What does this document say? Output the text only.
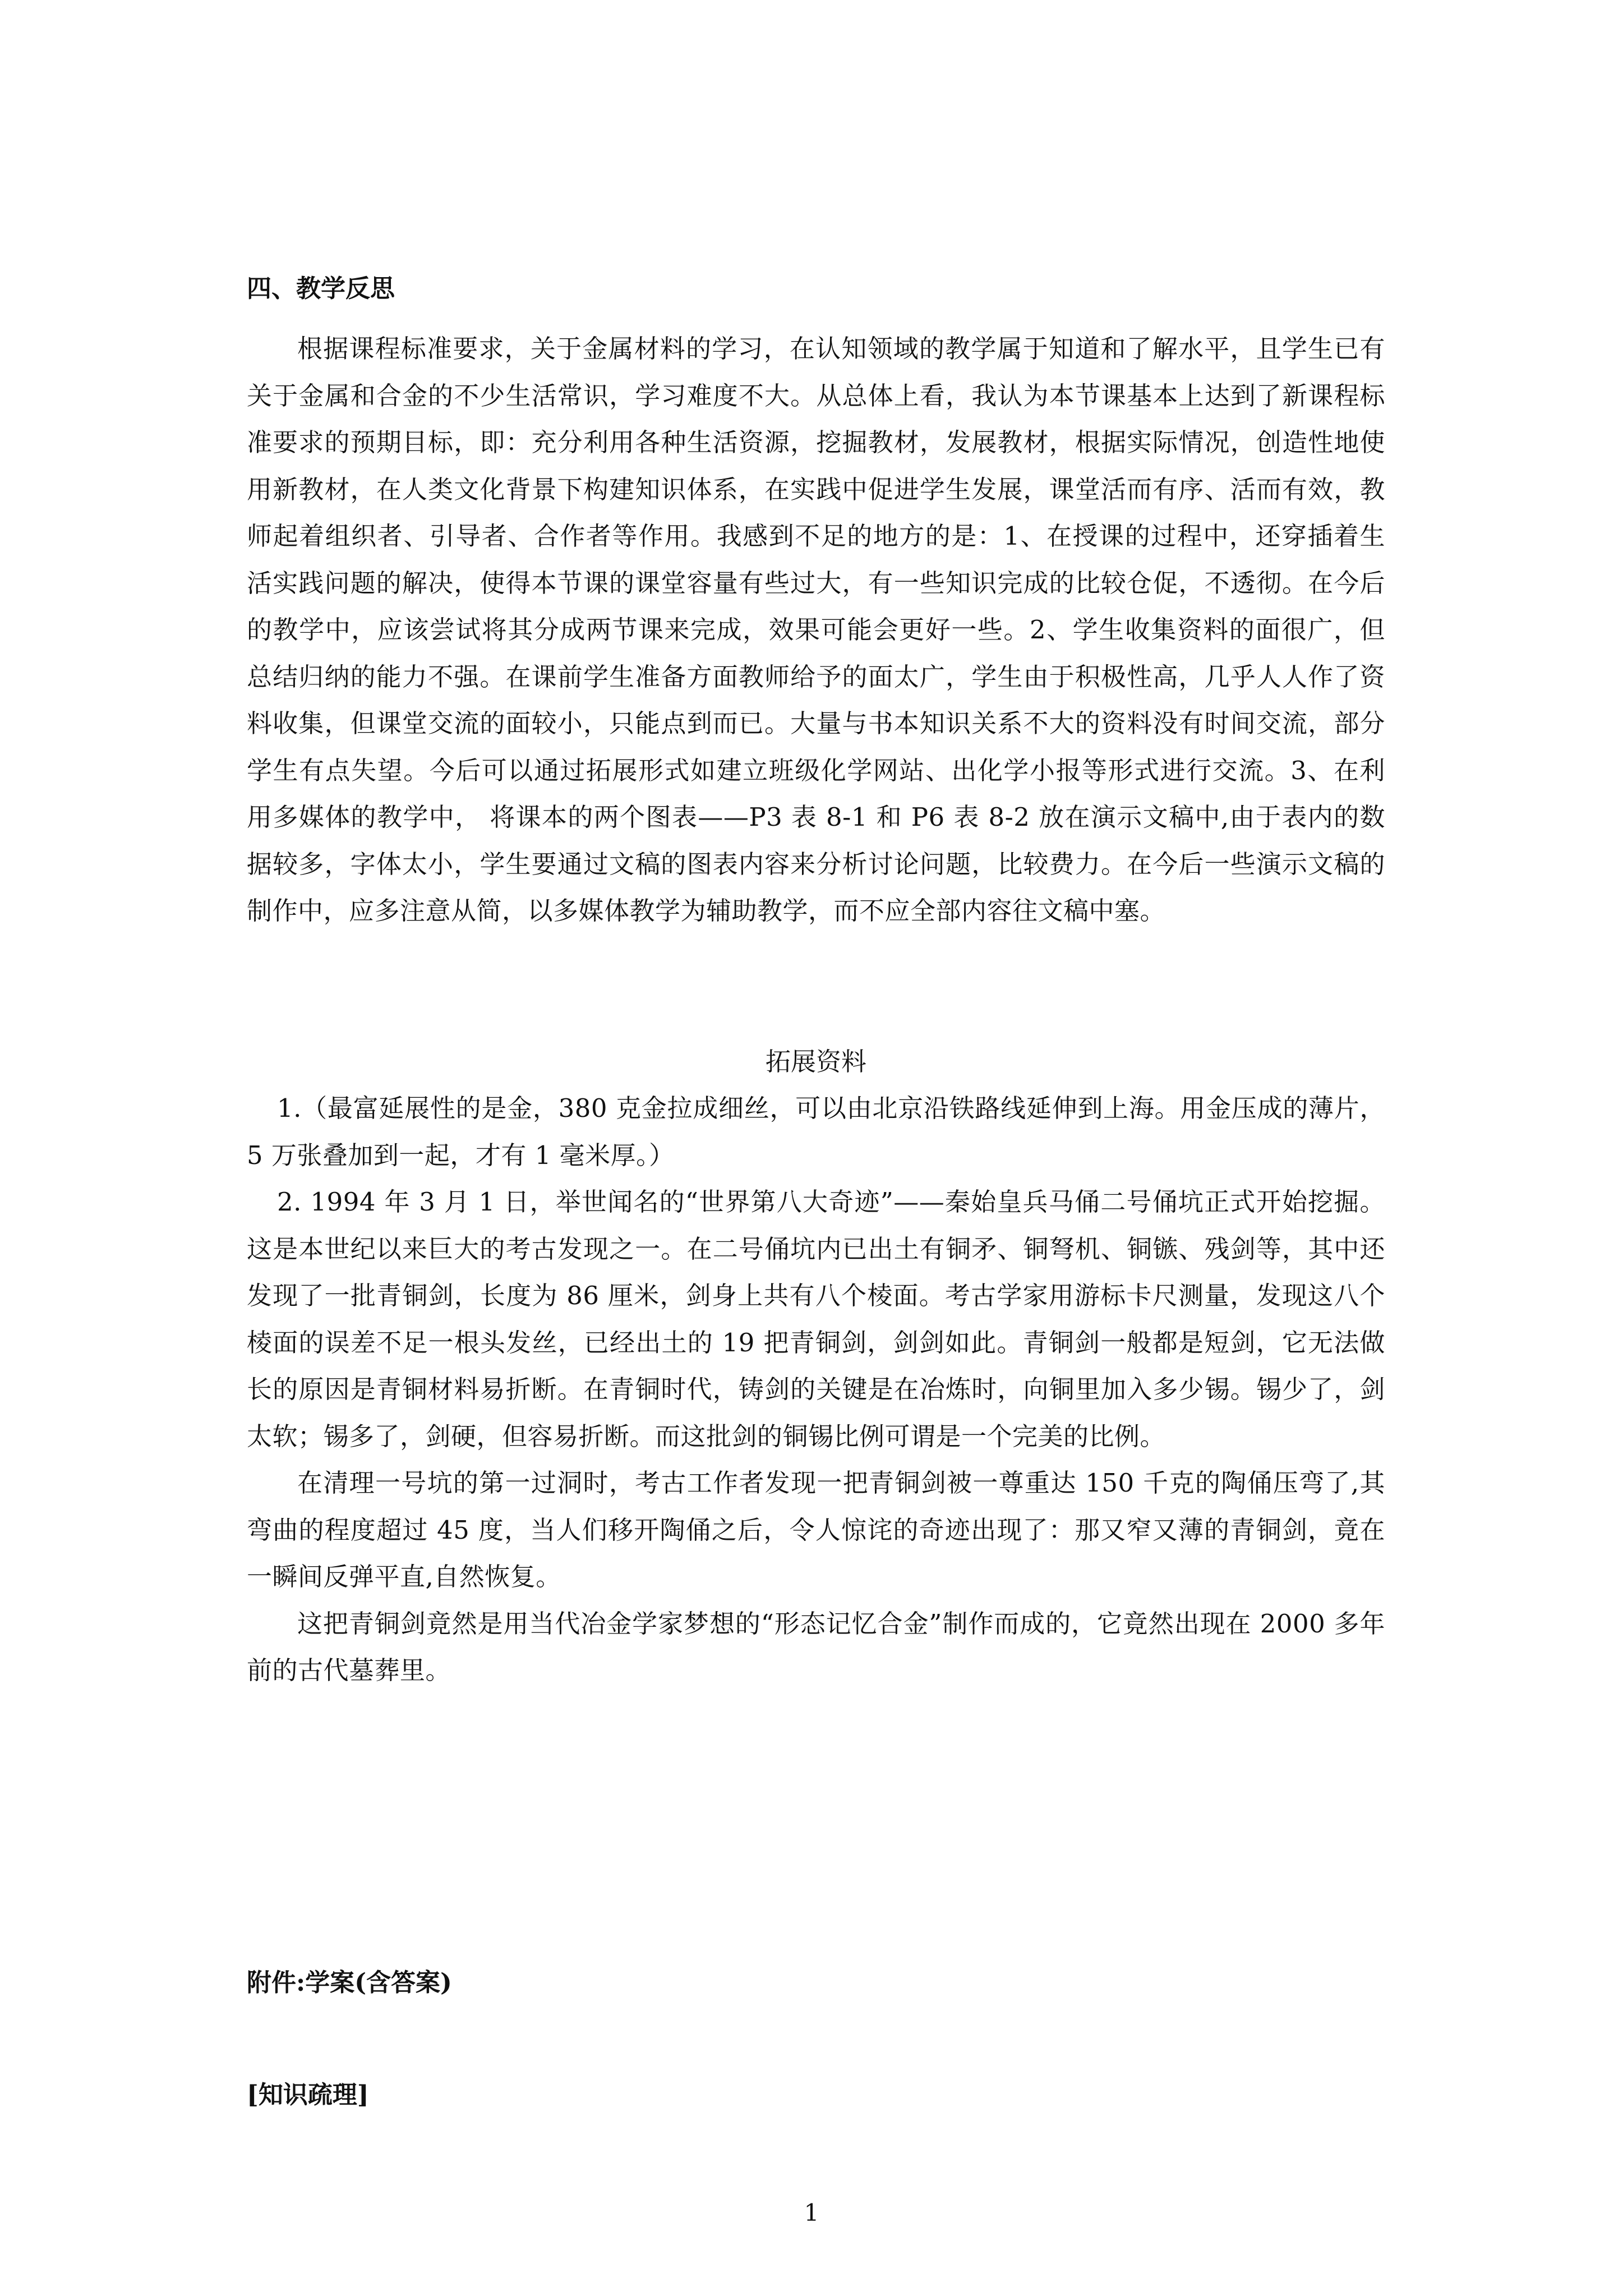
四、教学反思

根据课程标准要求，关于金属材料的学习，在认知领域的教学属于知道和了解水平，且学生已有关于金属和合金的不少生活常识，学习难度不大。从总体上看，我认为本节课基本上达到了新课程标准要求的预期目标，即：充分利用各种生活资源，挖掘教材，发展教材，根据实际情况，创造性地使用新教材，在人类文化背景下构建知识体系，在实践中促进学生发展，课堂活而有序、活而有效，教师起着组织者、引导者、合作者等作用。我感到不足的地方的是：1、在授课的过程中，还穿插着生活实践问题的解决，使得本节课的课堂容量有些过大，有一些知识完成的比较仓促，不透彻。在今后的教学中，应该尝试将其分成两节课来完成，效果可能会更好一些。2、学生收集资料的面很广，但总结归纳的能力不强。在课前学生准备方面教师给予的面太广，学生由于积极性高，几乎人人作了资料收集，但课堂交流的面较小，只能点到而已。大量与书本知识关系不大的资料没有时间交流，部分学生有点失望。今后可以通过拓展形式如建立班级化学网站、出化学小报等形式进行交流。3、在利用多媒体的教学中， 将课本的两个图表——P3 表 8-1 和 P6 表 8-2 放在演示文稿中,由于表内的数据较多，字体太小，学生要通过文稿的图表内容来分析讨论问题，比较费力。在今后一些演示文稿的制作中，应多注意从简，以多媒体教学为辅助教学，而不应全部内容往文稿中塞。

拓展资料

1.（最富延展性的是金，380 克金拉成细丝，可以由北京沿铁路线延伸到上海。用金压成的薄片，5 万张叠加到一起，才有 1 毫米厚。）

2. 1994 年 3 月 1 日，举世闻名的“世界第八大奇迹”——秦始皇兵马俑二号俑坑正式开始挖掘。这是本世纪以来巨大的考古发现之一。在二号俑坑内已出土有铜矛、铜弩机、铜镞、残剑等，其中还发现了一批青铜剑，长度为 86 厘米，剑身上共有八个棱面。考古学家用游标卡尺测量，发现这八个棱面的误差不足一根头发丝，已经出土的 19 把青铜剑，剑剑如此。青铜剑一般都是短剑，它无法做长的原因是青铜材料易折断。在青铜时代，铸剑的关键是在冶炼时，向铜里加入多少锡。锡少了，剑太软；锡多了，剑硬，但容易折断。而这批剑的铜锡比例可谓是一个完美的比例。

在清理一号坑的第一过洞时，考古工作者发现一把青铜剑被一尊重达 150 千克的陶俑压弯了,其弯曲的程度超过 45 度，当人们移开陶俑之后，令人惊诧的奇迹出现了：那又窄又薄的青铜剑，竟在一瞬间反弹平直,自然恢复。

这把青铜剑竟然是用当代冶金学家梦想的“形态记忆合金”制作而成的，它竟然出现在 2000 多年前的古代墓葬里。

附件:学案(含答案)

[知识疏理]

1
